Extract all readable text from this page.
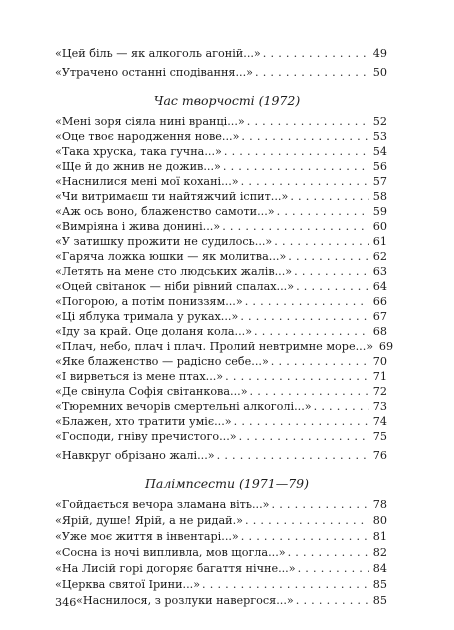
«Цей біль — як алкоголь агоній...» . . .	49
«Утрачено останні сподівання...» . . .	50
Час творчості (1972)
«Мені зоря сіяла нині вранці...» . . .	52
«Оце твоє народження нове...» . . .	53
«Така хруска, така гучна...» . . .	54
«Ще й до жнив не дожив...» . . .	56
«Наснилися мені мої кохані...» . . .	57
«Чи витримаєш ти найтяжчий іспит...» . . .	58
«Аж ось воно, блаженство самоти...» . . .	59
«Вимріяна і жива донині...» . . .	60
«У затишку прожити не судилось...» . . .	61
«Гаряча ложка юшки — як молитва...» . . .	62
«Летять на мене сто людських жалів...» . . .	63
«Оцей світанок — ніби рівний спалах...» . . .	64
«Погорою, а потім пониззям...» . . .	66
«Ці яблука тримала у руках...» . . .	67
«Іду за край. Оце доланя кола...» . . .	68
«Плач, небо, плач і плач. Пролий невтримне море...» 69
«Яке блаженство — радісно себе...» . . .	70
«І вирветься із мене птах...» . . .	71
«Де свінула Софія світанкова...» . . .	72
«Тюремних вечорів смертельні алкоголі...» . . .	73
«Блажен, хто тратити уміє...» . . .	74
«Господи, гніву пречистого...» . . .	75
«Навкруг обрізано жалі...» . . .	76
Палімпсести (1971—79)
«Гойдається вечора зламана віть...» . . .	78
«Ярій, душе! Ярій, а не ридай.» . . .	80
«Уже моє життя в інвентарі...» . . .	81
«Сосна із ночі випливла, мов щогла...» . . .	82
«На Лисій горі догоряє багаття нічне...» . . .	84
«Церква святої Ірини...» . . .	85
«Наснилося, з розлуки навергося...» . . .	85
346
